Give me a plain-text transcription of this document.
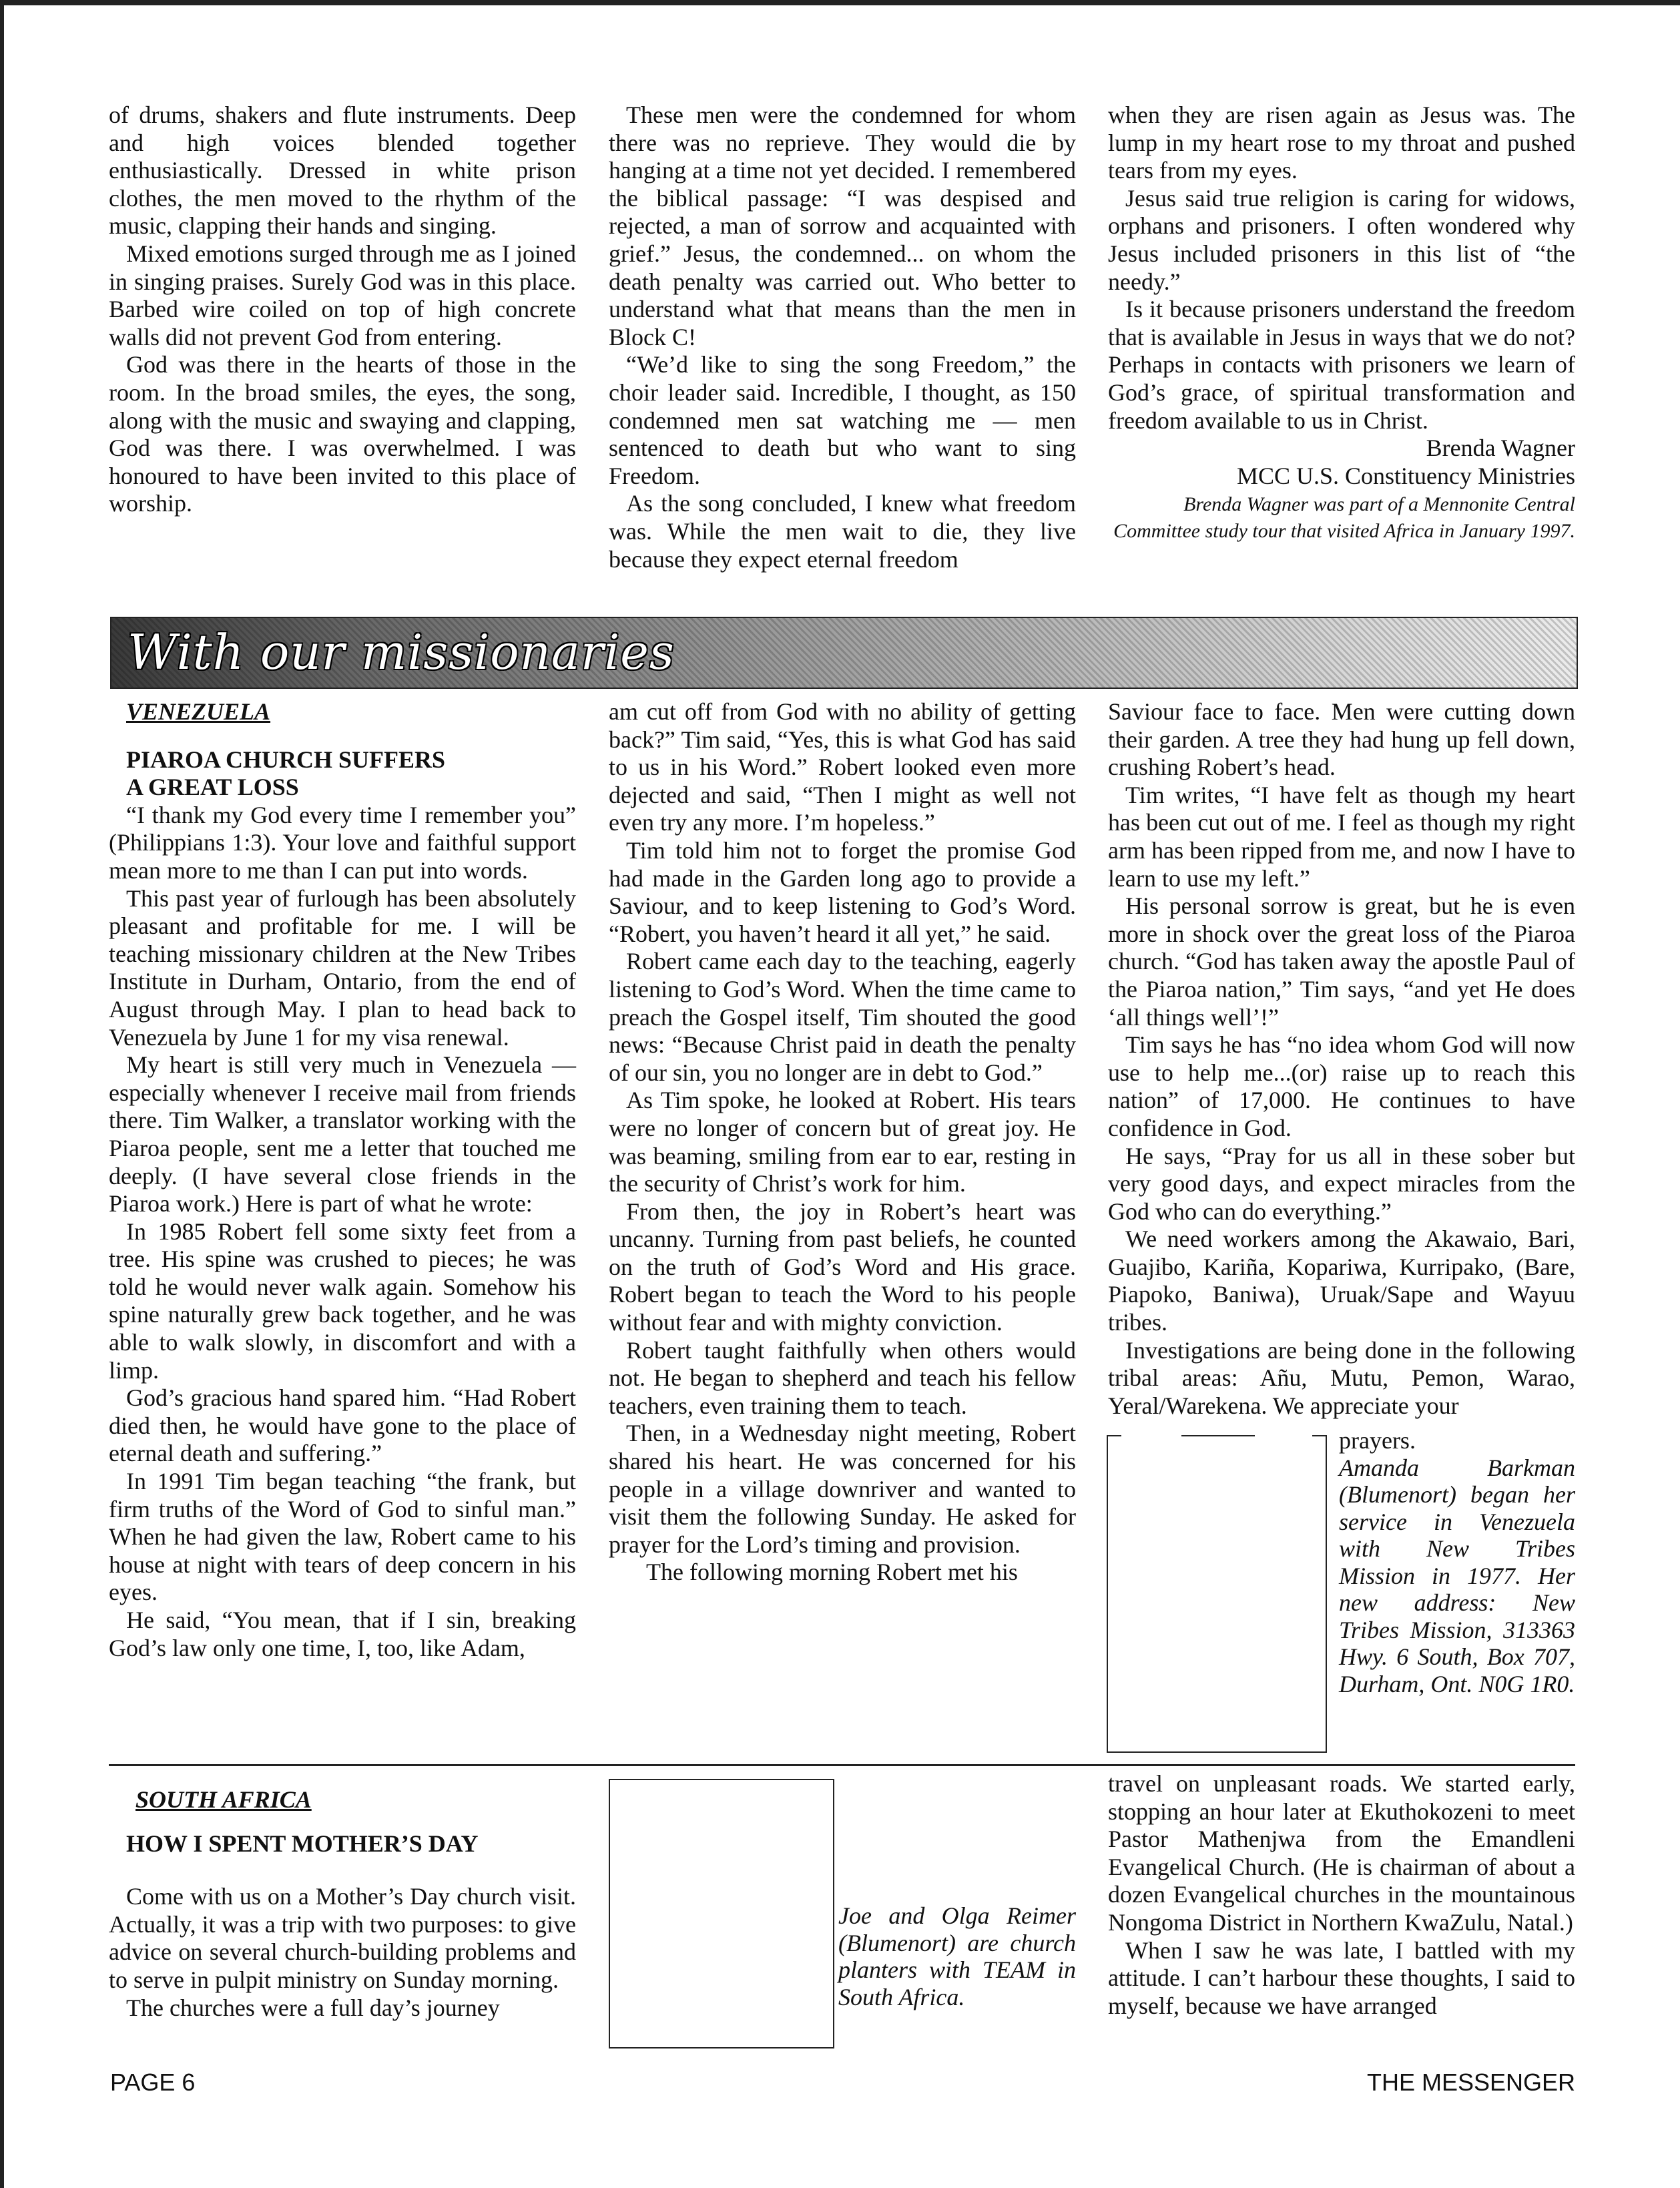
of drums, shakers and flute instruments. Deep and high voices blended together enthusiastically. Dressed in white prison clothes, the men moved to the rhythm of the music, clapping their hands and singing.

Mixed emotions surged through me as I joined in singing praises. Surely God was in this place. Barbed wire coiled on top of high concrete walls did not prevent God from entering.

God was there in the hearts of those in the room. In the broad smiles, the eyes, the song, along with the music and swaying and clapping, God was there. I was overwhelmed. I was honoured to have been invited to this place of worship.

These men were the condemned for whom there was no reprieve. They would die by hanging at a time not yet decided. I remembered the biblical passage: “I was despised and rejected, a man of sorrow and acquainted with grief.” Jesus, the condemned... on whom the death penalty was carried out. Who better to understand what that means than the men in Block C!

“We’d like to sing the song Freedom,” the choir leader said. Incredible, I thought, as 150 condemned men sat watching me — men sentenced to death but who want to sing Freedom.

As the song concluded, I knew what freedom was. While the men wait to die, they live because they expect eternal freedom

when they are risen again as Jesus was. The lump in my heart rose to my throat and pushed tears from my eyes.

Jesus said true religion is caring for widows, orphans and prisoners. I often wondered why Jesus included prisoners in this list of “the needy.”

Is it because prisoners understand the freedom that is available in Jesus in ways that we do not? Perhaps in contacts with prisoners we learn of God’s grace, of spiritual transformation and freedom available to us in Christ.

Brenda Wagner

MCC U.S. Constituency Ministries

Brenda Wagner was part of a Mennonite Central Committee study tour that visited Africa in January 1997.

With our missionaries

VENEZUELA

PIAROA CHURCH SUFFERS

A GREAT LOSS

“I thank my God every time I remember you” (Philippians 1:3). Your love and faithful support mean more to me than I can put into words.

This past year of furlough has been absolutely pleasant and profitable for me. I will be teaching missionary children at the New Tribes Institute in Durham, Ontario, from the end of August through May. I plan to head back to Venezuela by June 1 for my visa renewal.

My heart is still very much in Venezuela — especially whenever I receive mail from friends there. Tim Walker, a translator working with the Piaroa people, sent me a letter that touched me deeply. (I have several close friends in the Piaroa work.) Here is part of what he wrote:

In 1985 Robert fell some sixty feet from a tree. His spine was crushed to pieces; he was told he would never walk again. Somehow his spine naturally grew back together, and he was able to walk slowly, in discomfort and with a limp.

God’s gracious hand spared him. “Had Robert died then, he would have gone to the place of eternal death and suffering.”

In 1991 Tim began teaching “the frank, but firm truths of the Word of God to sinful man.” When he had given the law, Robert came to his house at night with tears of deep concern in his eyes.

He said, “You mean, that if I sin, breaking God’s law only one time, I, too, like Adam,

am cut off from God with no ability of getting back?” Tim said, “Yes, this is what God has said to us in his Word.” Robert looked even more dejected and said, “Then I might as well not even try any more. I’m hopeless.”

Tim told him not to forget the promise God had made in the Garden long ago to provide a Saviour, and to keep listening to God’s Word. “Robert, you haven’t heard it all yet,” he said.

Robert came each day to the teaching, eagerly listening to God’s Word. When the time came to preach the Gospel itself, Tim shouted the good news: “Because Christ paid in death the penalty of our sin, you no longer are in debt to God.”

As Tim spoke, he looked at Robert. His tears were no longer of concern but of great joy. He was beaming, smiling from ear to ear, resting in the security of Christ’s work for him.

From then, the joy in Robert’s heart was uncanny. Turning from past beliefs, he counted on the truth of God’s Word and His grace. Robert began to teach the Word to his people without fear and with mighty conviction.

Robert taught faithfully when others would not. He began to shepherd and teach his fellow teachers, even training them to teach.

Then, in a Wednesday night meeting, Robert shared his heart. He was concerned for his people in a village downriver and wanted to visit them the following Sunday. He asked for prayer for the Lord’s timing and provision.

The following morning Robert met his

Saviour face to face. Men were cutting down their garden. A tree they had hung up fell down, crushing Robert’s head.

Tim writes, “I have felt as though my heart has been cut out of me. I feel as though my right arm has been ripped from me, and now I have to learn to use my left.”

His personal sorrow is great, but he is even more in shock over the great loss of the Piaroa church. “God has taken away the apostle Paul of the Piaroa nation,” Tim says, “and yet He does ‘all things well’!”

Tim says he has “no idea whom God will now use to help me...(or) raise up to reach this nation” of 17,000. He continues to have confidence in God.

He says, “Pray for us all in these sober but very good days, and expect miracles from the God who can do everything.”

We need workers among the Akawaio, Bari, Guajibo, Kariña, Kopariwa, Kurripako, (Bare, Piapoko, Baniwa), Uruak/Sape and Wayuu tribes.

Investigations are being done in the following tribal areas: Añu, Mutu, Pemon, Warao, Yeral/Warekena. We appreciate your

prayers.

Amanda Barkman (Blumenort) began her service in Venezuela with New Tribes Mission in 1977. Her new address: New Tribes Mission, 313363 Hwy. 6 South, Box 707, Durham, Ont. N0G 1R0.

SOUTH AFRICA

HOW I SPENT MOTHER’S DAY

Come with us on a Mother’s Day church visit. Actually, it was a trip with two purposes: to give advice on several church-building problems and to serve in pulpit ministry on Sunday morning.

The churches were a full day’s journey

Joe and Olga Reimer (Blumenort) are church planters with TEAM in South Africa.

travel on unpleasant roads. We started early, stopping an hour later at Ekuthokozeni to meet Pastor Mathenjwa from the Emandleni Evangelical Church. (He is chairman of about a dozen Evangelical churches in the mountainous Nongoma District in Northern KwaZulu, Natal.)

When I saw he was late, I battled with my attitude. I can’t harbour these thoughts, I said to myself, because we have arranged

PAGE 6	THE MESSENGER
